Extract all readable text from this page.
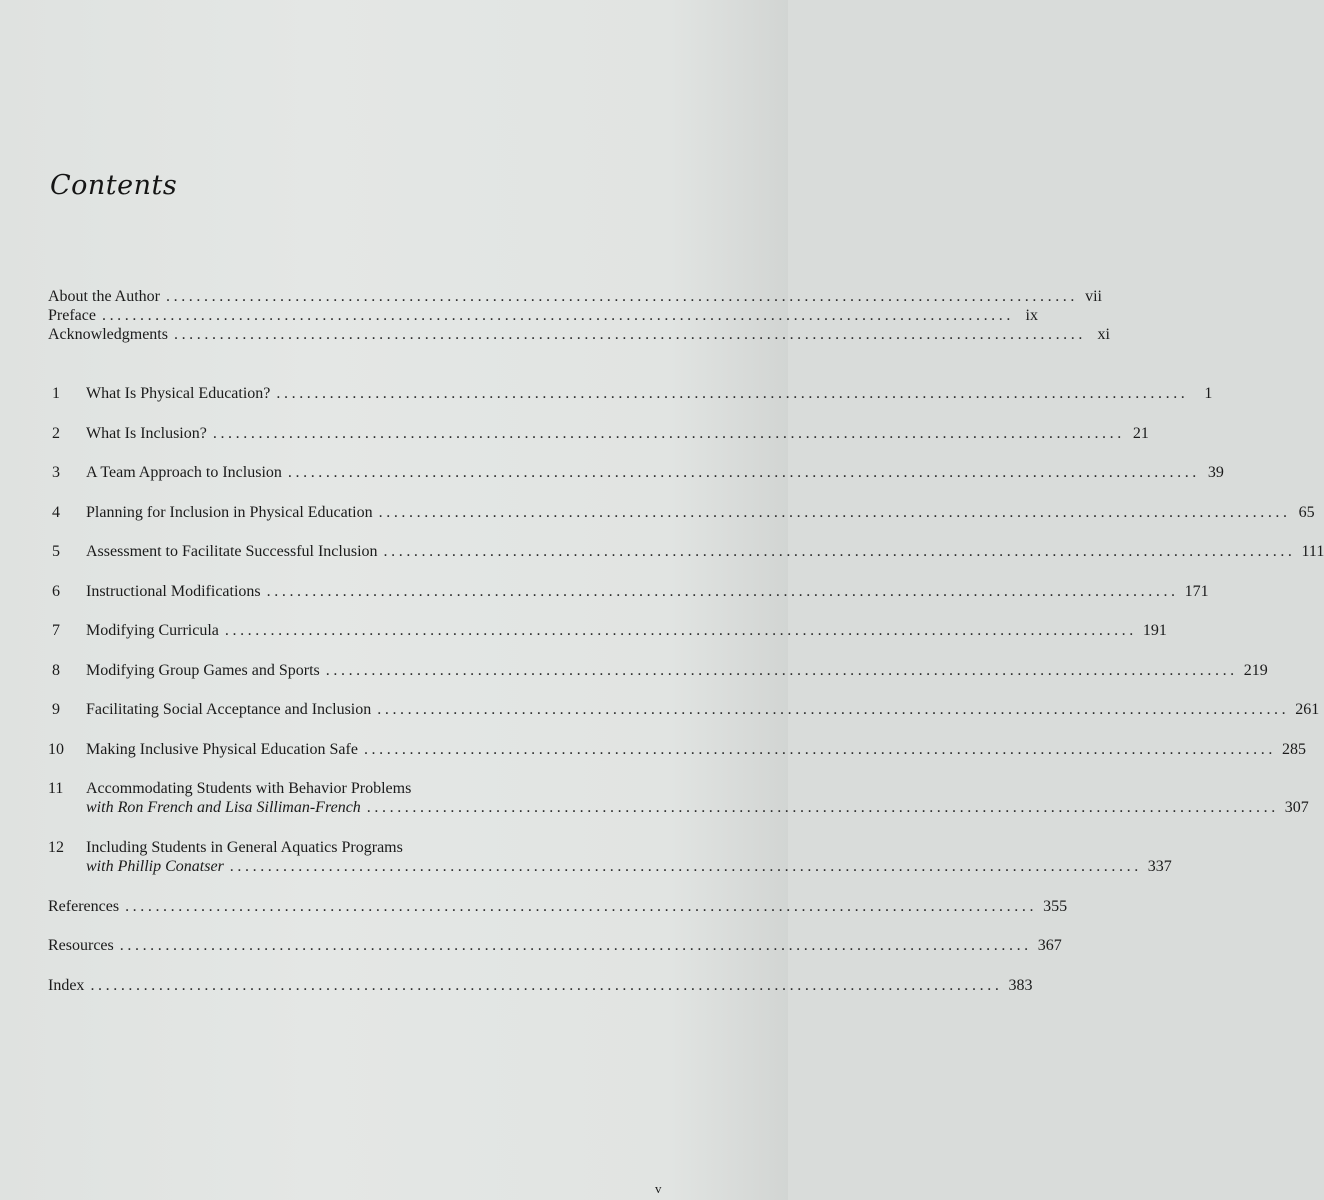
Contents
About the Author ........................................................................................................................ vii
Preface ........................................................................................................................ ix
Acknowledgments ........................................................................................................................ xi
1	What Is Physical Education? ........................................................................................................................	1
2	What Is Inclusion? ........................................................................................................................ 21
3	A Team Approach to Inclusion ........................................................................................................................ 39
4	Planning for Inclusion in Physical Education ........................................................................................................................ 65
5	Assessment to Facilitate Successful Inclusion ........................................................................................................................ 111
6	Instructional Modifications ........................................................................................................................ 171
7	Modifying Curricula ........................................................................................................................ 191
8	Modifying Group Games and Sports ........................................................................................................................ 219
9	Facilitating Social Acceptance and Inclusion ........................................................................................................................ 261
10	Making Inclusive Physical Education Safe ........................................................................................................................ 285
11 Accommodating Students with Behavior Problems
with Ron French and Lisa Silliman-French ........................................................................................................................ 307
12 Including Students in General Aquatics Programs
with Phillip Conatser ........................................................................................................................ 337
References ........................................................................................................................ 355
Resources ........................................................................................................................ 367
Index ........................................................................................................................ 383
v
